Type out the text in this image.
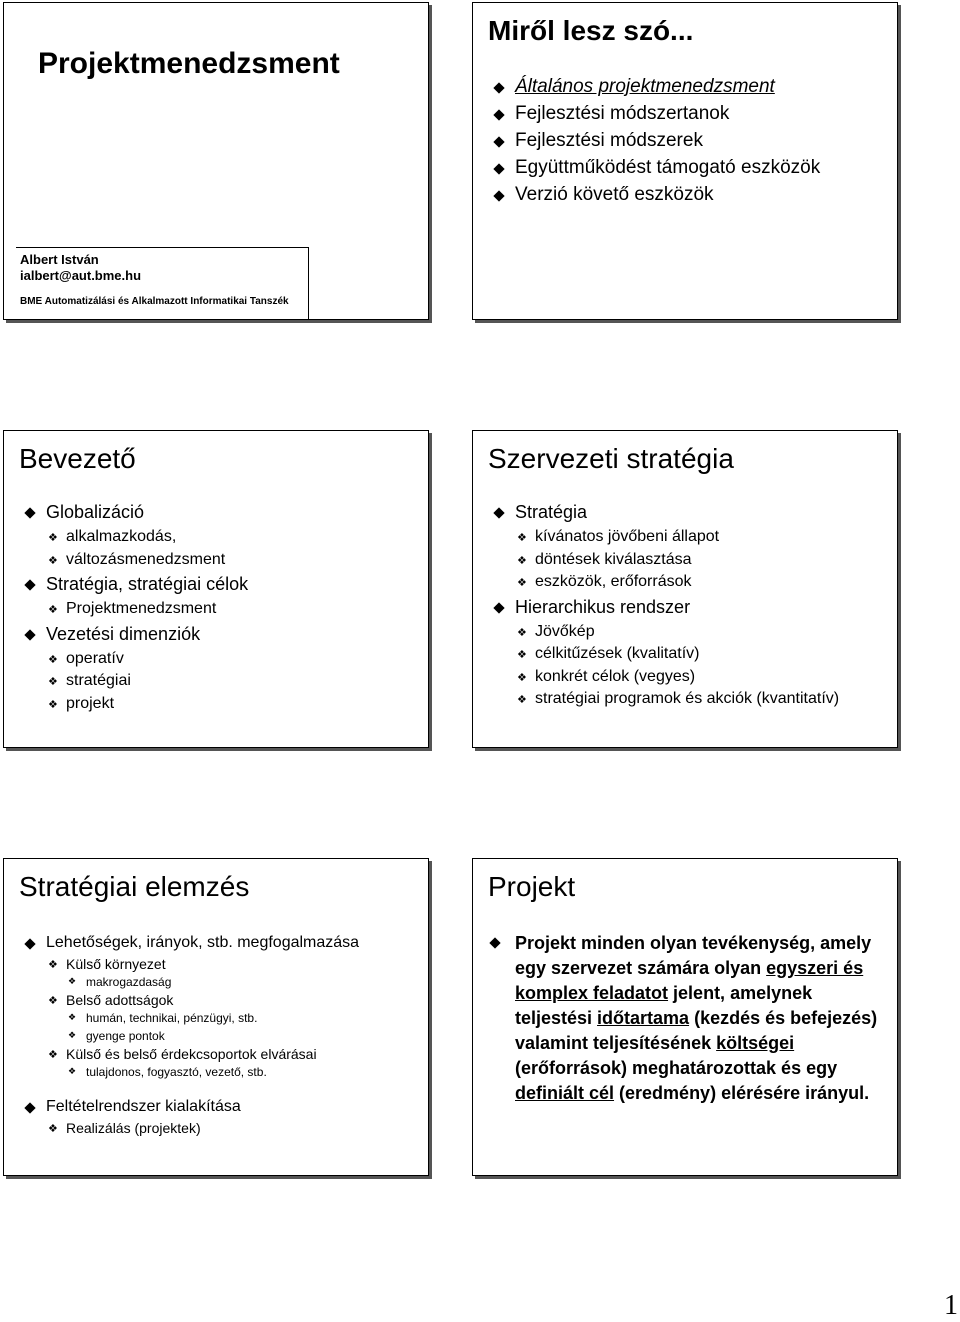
Projektmenedzsment
Albert István
ialbert@aut.bme.hu
BME Automatizálási és Alkalmazott Informatikai Tanszék
Miről lesz szó...
Általános projektmenedzsment
Fejlesztési módszertanok
Fejlesztési módszerek
Együttműködést támogató eszközök
Verzió követő eszközök
Bevezető
Globalizáció
❖ alkalmazkodás,
❖ változásmenedzsment
Stratégia, stratégiai célok
❖ Projektmenedzsment
Vezetési dimenziók
❖ operatív
❖ stratégiai
❖ projekt
Szervezeti stratégia
Stratégia
❖ kívánatos jövőbeni állapot
❖ döntések kiválasztása
❖ eszközök, erőforrások
Hierarchikus rendszer
❖ Jövőkép
❖ célkitűzések (kvalitatív)
❖ konkrét célok (vegyes)
❖ stratégiai programok és akciók (kvantitatív)
Stratégiai elemzés
Lehetőségek, irányok, stb. megfogalmazása
❖ Külső környezet
❖ makrogazdaság
❖ Belső adottságok
❖ humán, technikai, pénzügyi, stb.
❖ gyenge pontok
❖ Külső és belső érdekcsoportok elvárásai
❖ tulajdonos, fogyasztó, vezető, stb.
Feltételrendszer kialakítása
❖ Realizálás (projektek)
Projekt
Projekt minden olyan tevékenység, amely egy szervezet számára olyan egyszeri és komplex feladatot jelent, amelynek teljestési időtartama (kezdés és befejezés) valamint teljesítésének költségei (erőforrások) meghatározottak és egy definiált cél (eredmény) elérésére irányul.
1
